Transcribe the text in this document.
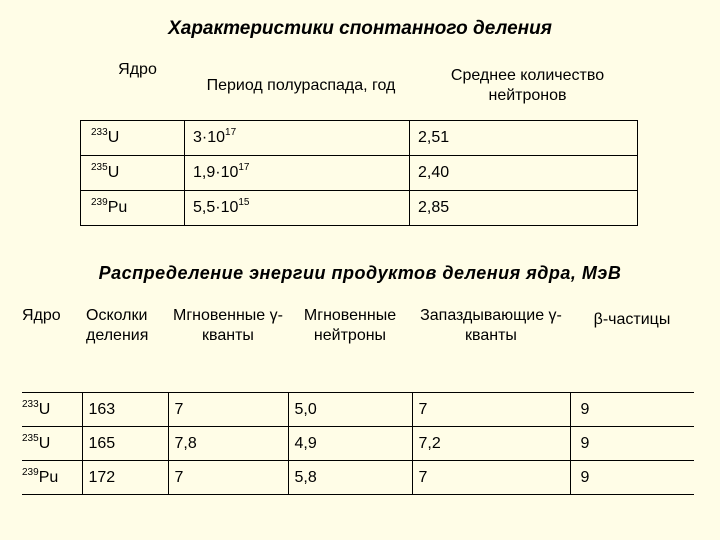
Характеристики спонтанного деления
Ядро	Период полураспада, год	Среднее количество нейтронов
$^{233}$U	$3\cdot 10^{17}$	2,51
$^{235}$U	$1,9\cdot 10^{17}$	2,40
$^{239}$Pu	$5,5\cdot 10^{15}$	2,85
Распределение энергии продуктов деления ядра, МэВ
Ядро	Осколки деления	Мгновенные γ-кванты	Мгновенные нейтроны	Запаздывающие γ-кванты	β-частицы
$^{233}$U	163	7	5,0	7	9
$^{235}$U	165	7,8	4,9	7,2	9
$^{239}$Pu	172	7	5,8	7	9
